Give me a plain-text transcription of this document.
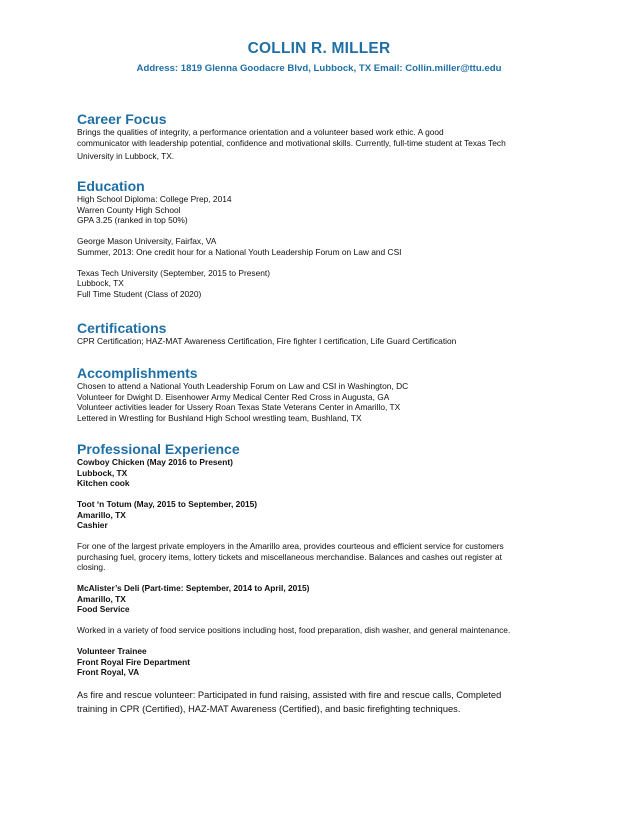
COLLIN R. MILLER
Address: 1819 Glenna Goodacre Blvd, Lubbock, TX Email: Collin.miller@ttu.edu
Career Focus
Brings the qualities of integrity, a performance orientation and a volunteer based work ethic. A good
communicator with leadership potential, confidence and motivational skills. Currently, full-time student at Texas Tech
University in Lubbock, TX.
Education
High School Diploma: College Prep, 2014
Warren County High School
GPA 3.25 (ranked in top 50%)
George Mason University, Fairfax, VA
Summer, 2013: One credit hour for a National Youth Leadership Forum on Law and CSI
Texas Tech University (September, 2015 to Present)
Lubbock, TX
Full Time Student (Class of 2020)
Certifications
CPR Certification; HAZ-MAT Awareness Certification, Fire fighter I certification, Life Guard Certification
Accomplishments
Chosen to attend a National Youth Leadership Forum on Law and CSI in Washington, DC
Volunteer for Dwight D. Eisenhower Army Medical Center Red Cross in Augusta, GA
Volunteer activities leader for Ussery Roan Texas State Veterans Center in Amarillo, TX
Lettered in Wrestling for Bushland High School wrestling team, Bushland, TX
Professional Experience
Cowboy Chicken (May 2016 to Present)
Lubbock, TX
Kitchen cook
Toot ‘n Totum (May, 2015 to September, 2015)
Amarillo, TX
Cashier
For one of the largest private employers in the Amarillo area, provides courteous and efficient service for customers
purchasing fuel, grocery items, lottery tickets and miscellaneous merchandise. Balances and cashes out register at
closing.
McAlister’s Deli (Part-time: September, 2014 to April, 2015)
Amarillo, TX
Food Service
Worked in a variety of food service positions including host, food preparation, dish washer, and general maintenance.
Volunteer Trainee
Front Royal Fire Department
Front Royal, VA
As fire and rescue volunteer: Participated in fund raising, assisted with fire and rescue calls, Completed
training in CPR (Certified), HAZ-MAT Awareness (Certified), and basic firefighting techniques.
